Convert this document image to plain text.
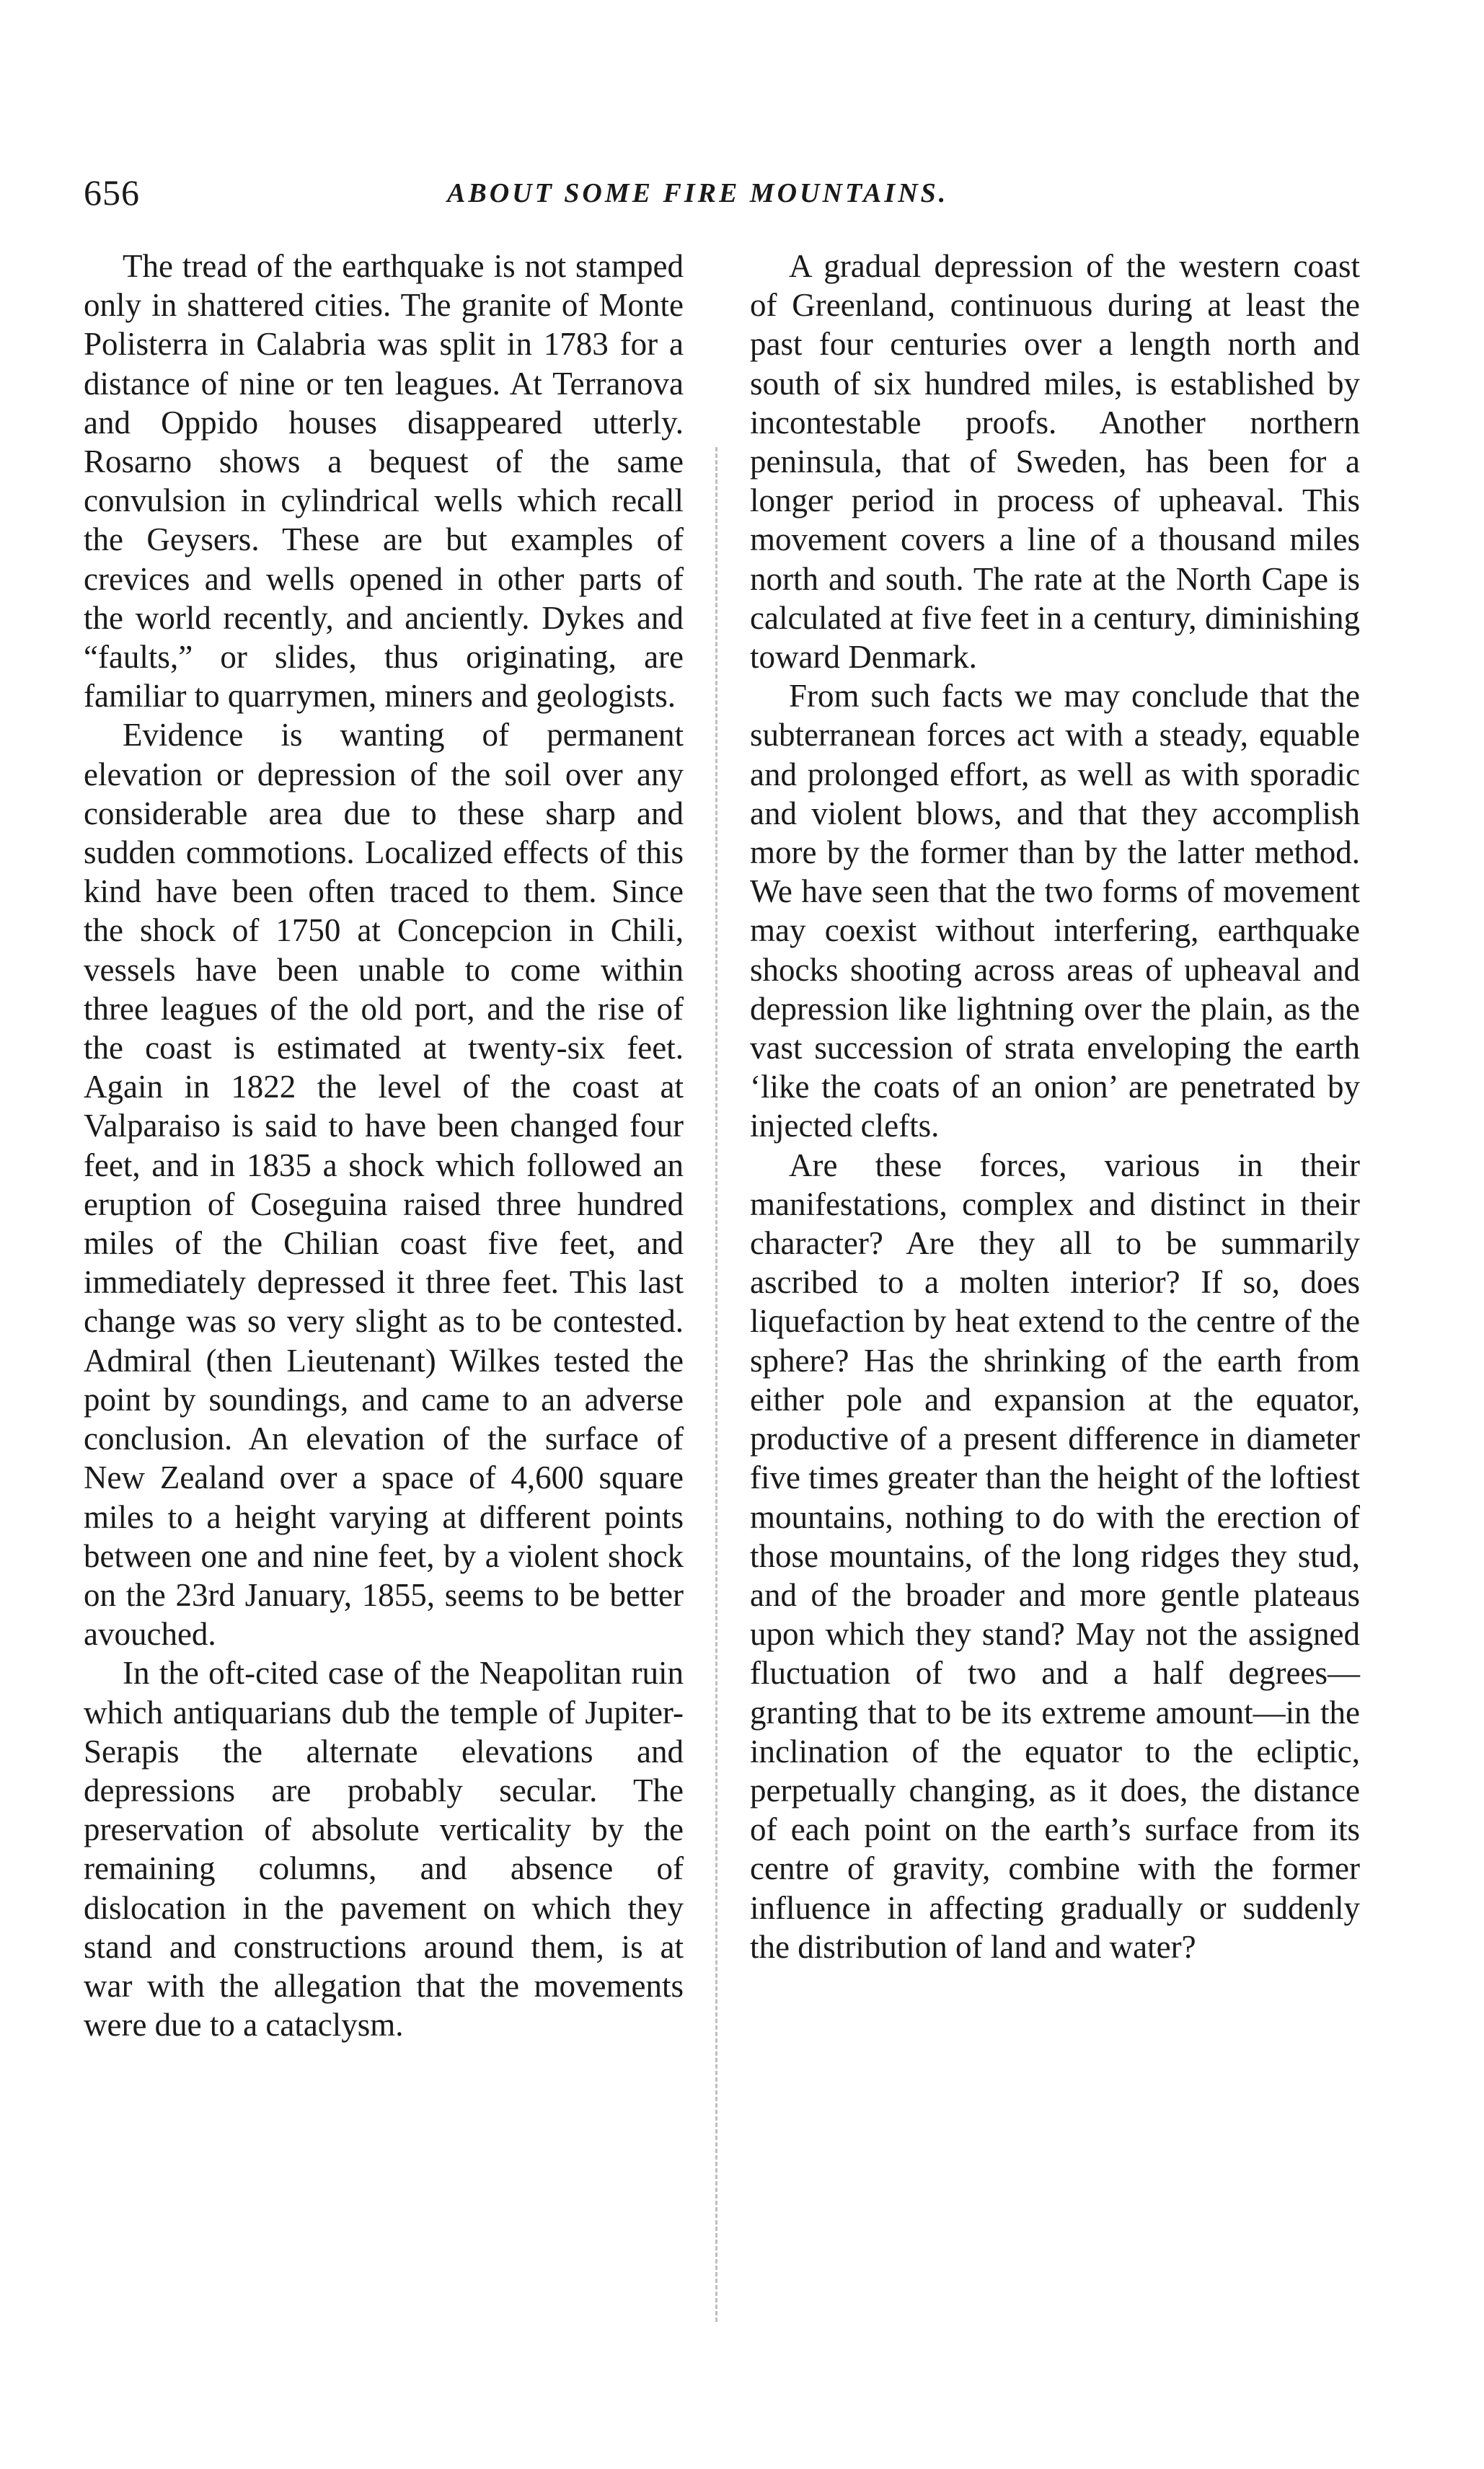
656	ABOUT SOME FIRE MOUNTAINS.

The tread of the earthquake is not stamped only in shattered cities. The granite of Monte Polisterra in Calabria was split in 1783 for a distance of nine or ten leagues. At Terranova and Oppido houses disappeared utterly. Rosarno shows a bequest of the same convulsion in cylindrical wells which recall the Geysers. These are but examples of crevices and wells opened in other parts of the world recently, and anciently. Dykes and “faults,” or slides, thus originating, are familiar to quarrymen, miners and geologists.

Evidence is wanting of permanent elevation or depression of the soil over any considerable area due to these sharp and sudden commotions. Localized effects of this kind have been often traced to them. Since the shock of 1750 at Concepcion in Chili, vessels have been unable to come within three leagues of the old port, and the rise of the coast is estimated at twenty-six feet. Again in 1822 the level of the coast at Valparaiso is said to have been changed four feet, and in 1835 a shock which followed an eruption of Coseguina raised three hundred miles of the Chilian coast five feet, and immediately depressed it three feet. This last change was so very slight as to be contested. Admiral (then Lieutenant) Wilkes tested the point by soundings, and came to an adverse conclusion. An elevation of the surface of New Zealand over a space of 4,600 square miles to a height varying at different points between one and nine feet, by a violent shock on the 23rd January, 1855, seems to be better avouched.

In the oft-cited case of the Neapolitan ruin which antiquarians dub the temple of Jupiter-Serapis the alternate elevations and depressions are probably secular. The preservation of absolute verticality by the remaining columns, and absence of dislocation in the pavement on which they stand and constructions around them, is at war with the allegation that the movements were due to a cataclysm.

A gradual depression of the western coast of Greenland, continuous during at least the past four centuries over a length north and south of six hundred miles, is established by incontestable proofs. Another northern peninsula, that of Sweden, has been for a longer period in process of upheaval. This movement covers a line of a thousand miles north and south. The rate at the North Cape is calculated at five feet in a century, diminishing toward Denmark.

From such facts we may conclude that the subterranean forces act with a steady, equable and prolonged effort, as well as with sporadic and violent blows, and that they accomplish more by the former than by the latter method. We have seen that the two forms of movement may coexist without interfering, earthquake shocks shooting across areas of upheaval and depression like lightning over the plain, as the vast succession of strata enveloping the earth ‘like the coats of an onion’ are penetrated by injected clefts.

Are these forces, various in their manifestations, complex and distinct in their character? Are they all to be summarily ascribed to a molten interior? If so, does liquefaction by heat extend to the centre of the sphere? Has the shrinking of the earth from either pole and expansion at the equator, productive of a present difference in diameter five times greater than the height of the loftiest mountains, nothing to do with the erection of those mountains, of the long ridges they stud, and of the broader and more gentle plateaus upon which they stand? May not the assigned fluctuation of two and a half degrees—granting that to be its extreme amount—in the inclination of the equator to the ecliptic, perpetually changing, as it does, the distance of each point on the earth’s surface from its centre of gravity, combine with the former influence in affecting gradually or suddenly the distribution of land and water?
